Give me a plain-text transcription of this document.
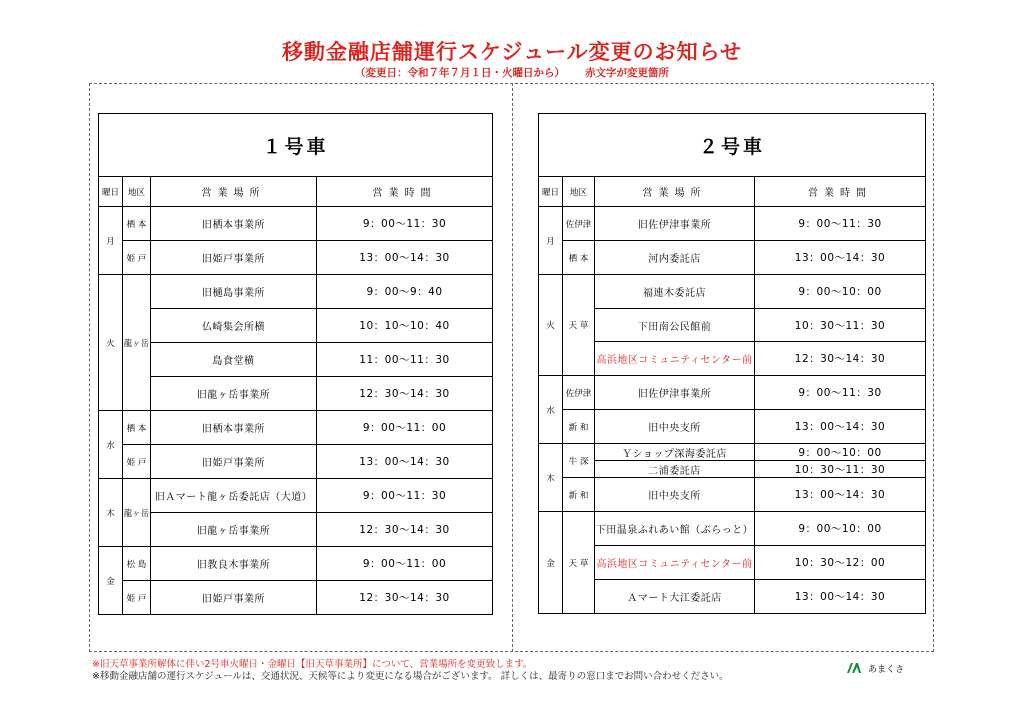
移動金融店舗運行スケジュール変更のお知らせ
（変更日：令和７年７月１日・火曜日から） 赤文字が変更箇所
１号車			
曜日	地区	営業場所	営業時間
月	栖 本	旧栖本事業所	9：00〜11：30
	姫 戸	旧姫戸事業所	13：00〜14：30
火	龍ヶ岳	旧樋島事業所	9：00〜9：40
		仏崎集会所横	10：10〜10：40
		島食堂横	11：00〜11：30
		旧龍ヶ岳事業所	12：30〜14：30
水	栖 本	旧栖本事業所	9：00〜11：00
	姫 戸	旧姫戸事業所	13：00〜14：30
木	龍ヶ岳	旧Ａマート龍ヶ岳委託店（大道）	9：00〜11：30
		旧龍ヶ岳事業所	12：30〜14：30
金	松 島	旧教良木事業所	9：00〜11：00
	姫 戸	旧姫戸事業所	12：30〜14：30
２号車			
曜日	地区	営業場所	営業時間
月	佐伊津	旧佐伊津事業所	9：00〜11：30
	栖 本	河内委託店	13：00〜14：30
火	天 草	福連木委託店	9：00〜10：00
		下田南公民館前	10：30〜11：30
		高浜地区コミュニティセンター前	12：30〜14：30
水	佐伊津	旧佐伊津事業所	9：00〜11：30
	新 和	旧中央支所	13：00〜14：30
木	牛 深	Ｙショップ深海委託店	9：00〜10：00
		二浦委託店	10：30〜11：30
	新 和	旧中央支所	13：00〜14：30
金	天 草	下田温泉ふれあい館（ぶらっと）	9：00〜10：00
		高浜地区コミュニティセンター前	10：30〜12：00
		Ａマート大江委託店	13：00〜14：30
※旧天草事業所解体に伴い2号車火曜日・金曜日【旧天草事業所】について、営業場所を変更致します。
※移動金融店舗の運行スケジュールは、交通状況、天候等により変更になる場合がございます。 詳しくは、最寄りの窓口までお問い合わせください。
あまくさ
